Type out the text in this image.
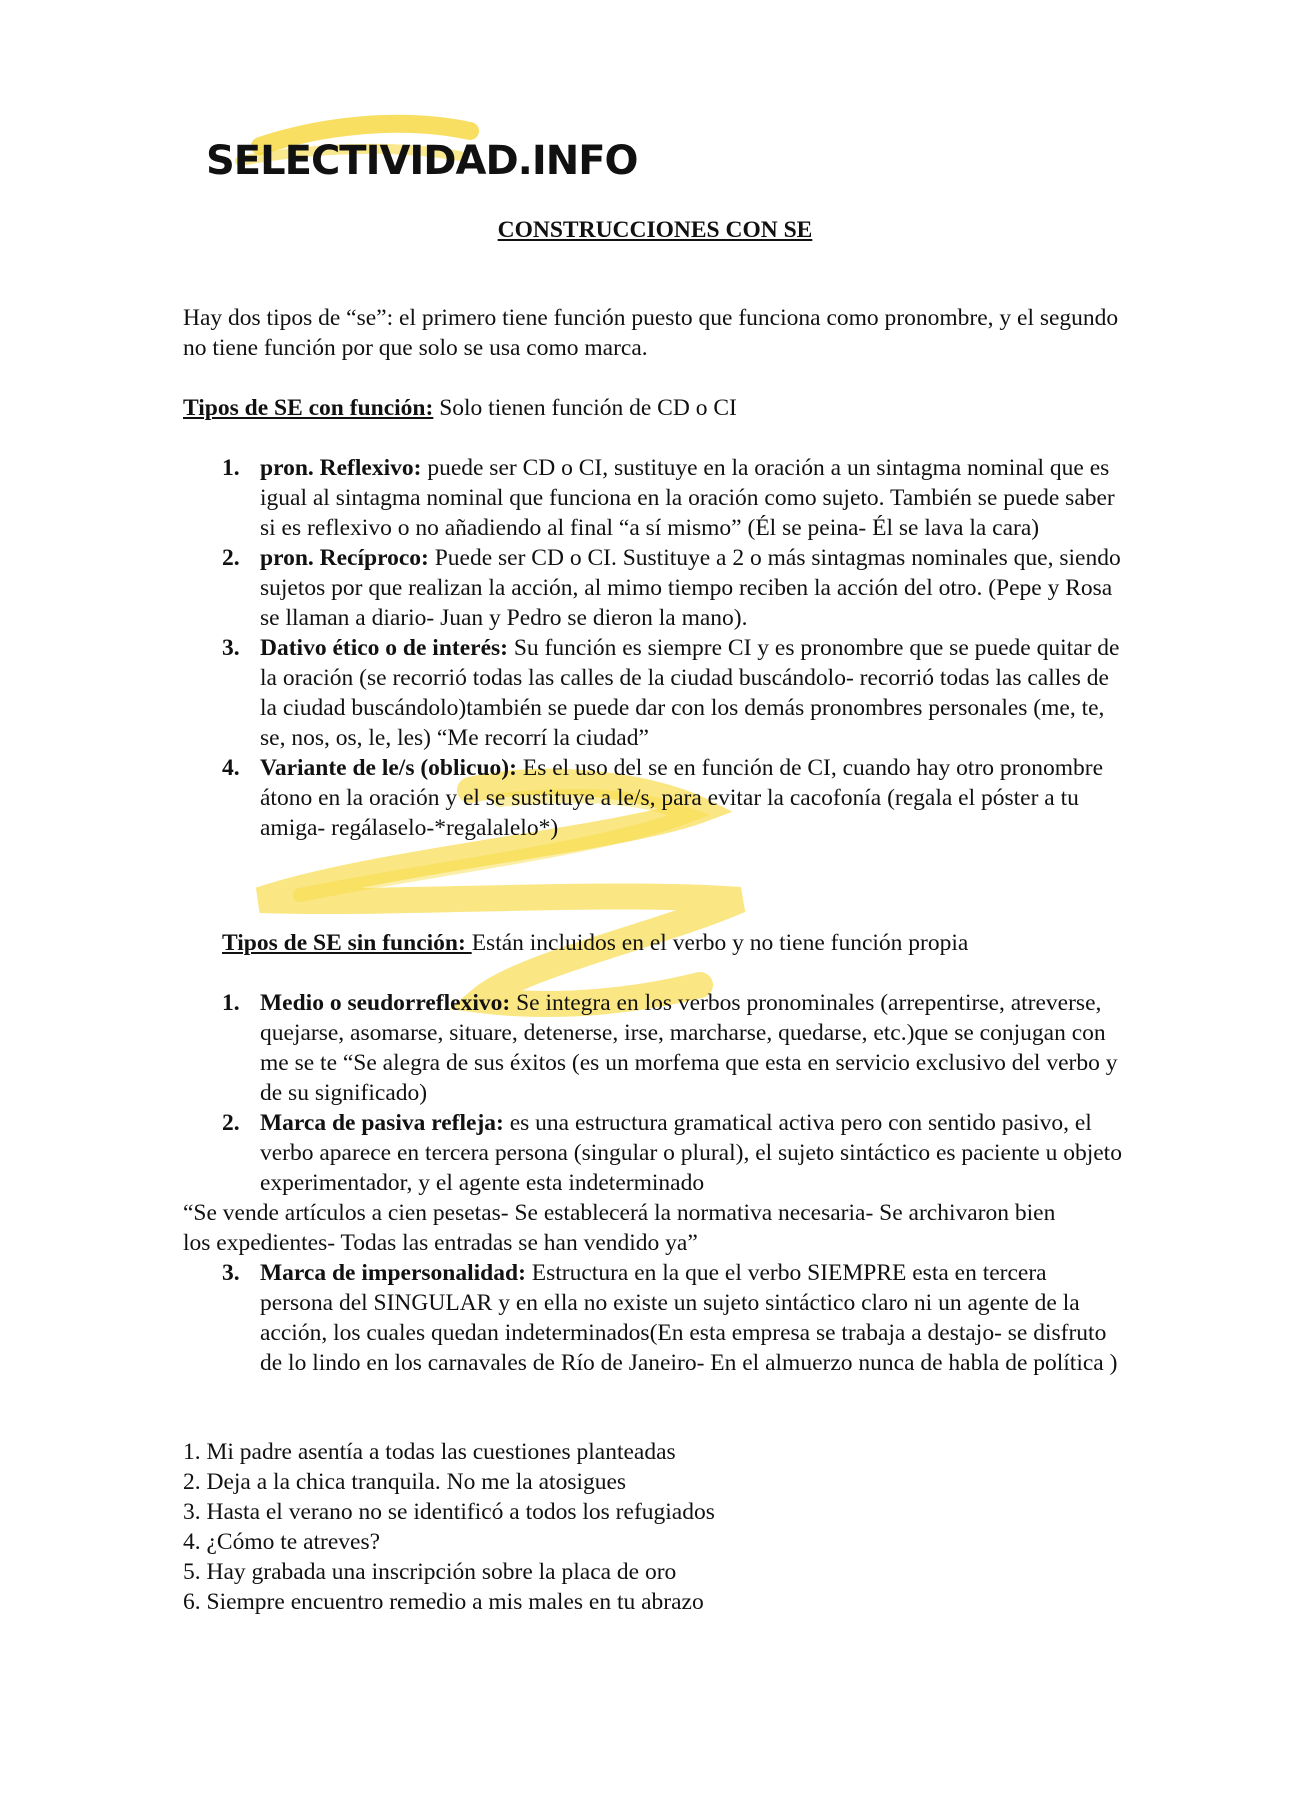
SELECTIVIDAD.INFO
CONSTRUCCIONES CON SE

Hay dos tipos de “se”: el primero tiene función puesto que funciona como pronombre, y el segundo no tiene función por que solo se usa como marca.

Tipos de SE con función: Solo tienen función de CD o CI

1. pron. Reflexivo: puede ser CD o CI, sustituye en la oración a un sintagma nominal que es igual al sintagma nominal que funciona en la oración como sujeto. También se puede saber si es reflexivo o no añadiendo al final “a sí mismo” (Él se peina- Él se lava la cara)
2. pron. Recíproco: Puede ser CD o CI. Sustituye a 2 o más sintagmas nominales que, siendo sujetos por que realizan la acción, al mimo tiempo reciben la acción del otro. (Pepe y Rosa se llaman a diario- Juan y Pedro se dieron la mano).
3. Dativo ético o de interés: Su función es siempre CI y es pronombre que se puede quitar de la oración (se recorrió todas las calles de la ciudad buscándolo- recorrió todas las calles de la ciudad buscándolo)también se puede dar con los demás pronombres personales (me, te, se, nos, os, le, les) “Me recorrí la ciudad”
4. Variante de le/s (oblicuo): Es el uso del se en función de CI, cuando hay otro pronombre átono en la oración y el se sustituye a le/s, para evitar la cacofonía (regala el póster a tu amiga- regálaselo-*regalalelo*)

Tipos de SE sin función: Están incluidos en el verbo y no tiene función propia

1. Medio o seudorreflexivo: Se integra en los verbos pronominales (arrepentirse, atreverse, quejarse, asomarse, situare, detenerse, irse, marcharse, quedarse, etc.)que se conjugan con me se te “Se alegra de sus éxitos (es un morfema que esta en servicio exclusivo del verbo y de su significado)
2. Marca de pasiva refleja: es una estructura gramatical activa pero con sentido pasivo, el verbo aparece en tercera persona (singular o plural), el sujeto sintáctico es paciente u objeto experimentador, y el agente esta indeterminado

“Se vende artículos a cien pesetas- Se establecerá la normativa necesaria- Se archivaron bien los expedientes- Todas las entradas se han vendido ya”

3. Marca de impersonalidad: Estructura en la que el verbo SIEMPRE esta en tercera persona del SINGULAR y en ella no existe un sujeto sintáctico claro ni un agente de la acción, los cuales quedan indeterminados(En esta empresa se trabaja a destajo- se disfruto de lo lindo en los carnavales de Río de Janeiro- En el almuerzo nunca de habla de política )
1. Mi padre asentía a todas las cuestiones planteadas
2. Deja a la chica tranquila. No me la atosigues
3. Hasta el verano no se identificó a todos los refugiados
4. ¿Cómo te atreves?
5. Hay grabada una inscripción sobre la placa de oro
6. Siempre encuentro remedio a mis males en tu abrazo
